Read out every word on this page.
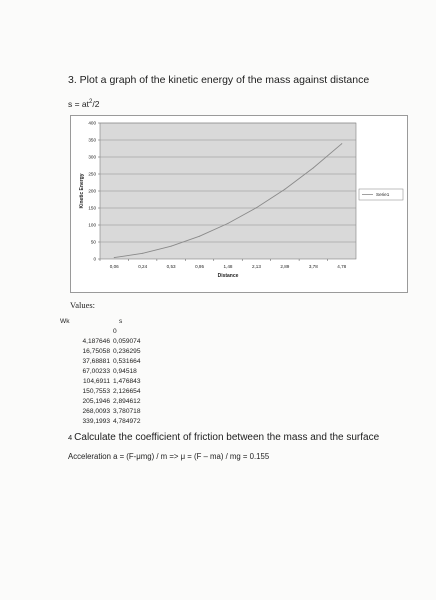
3. Plot a graph of the kinetic energy of the mass against distance
$s = at^2/2$
0
50
100
150
200
250
300
350
400
0,06	0,24	0,53	0,95	1,48	2,13	2,89	3,78	4,78
Distance
Kinetic Energy	Serie1
Values:
Wk	s
	0
4,187646	0,059074
16,75058	0,236295
37,68881	0,531664
67,00233	0,94518
104,6911	1,476843
150,7553	2,126654
205,1946	2,894612
268,0093	3,780718
339,1993	4,784972
4 Calculate the coefficient of friction between the mass and the surface
Acceleration a = (F-μmg) / m => μ = (F – ma) / mg = 0.155
